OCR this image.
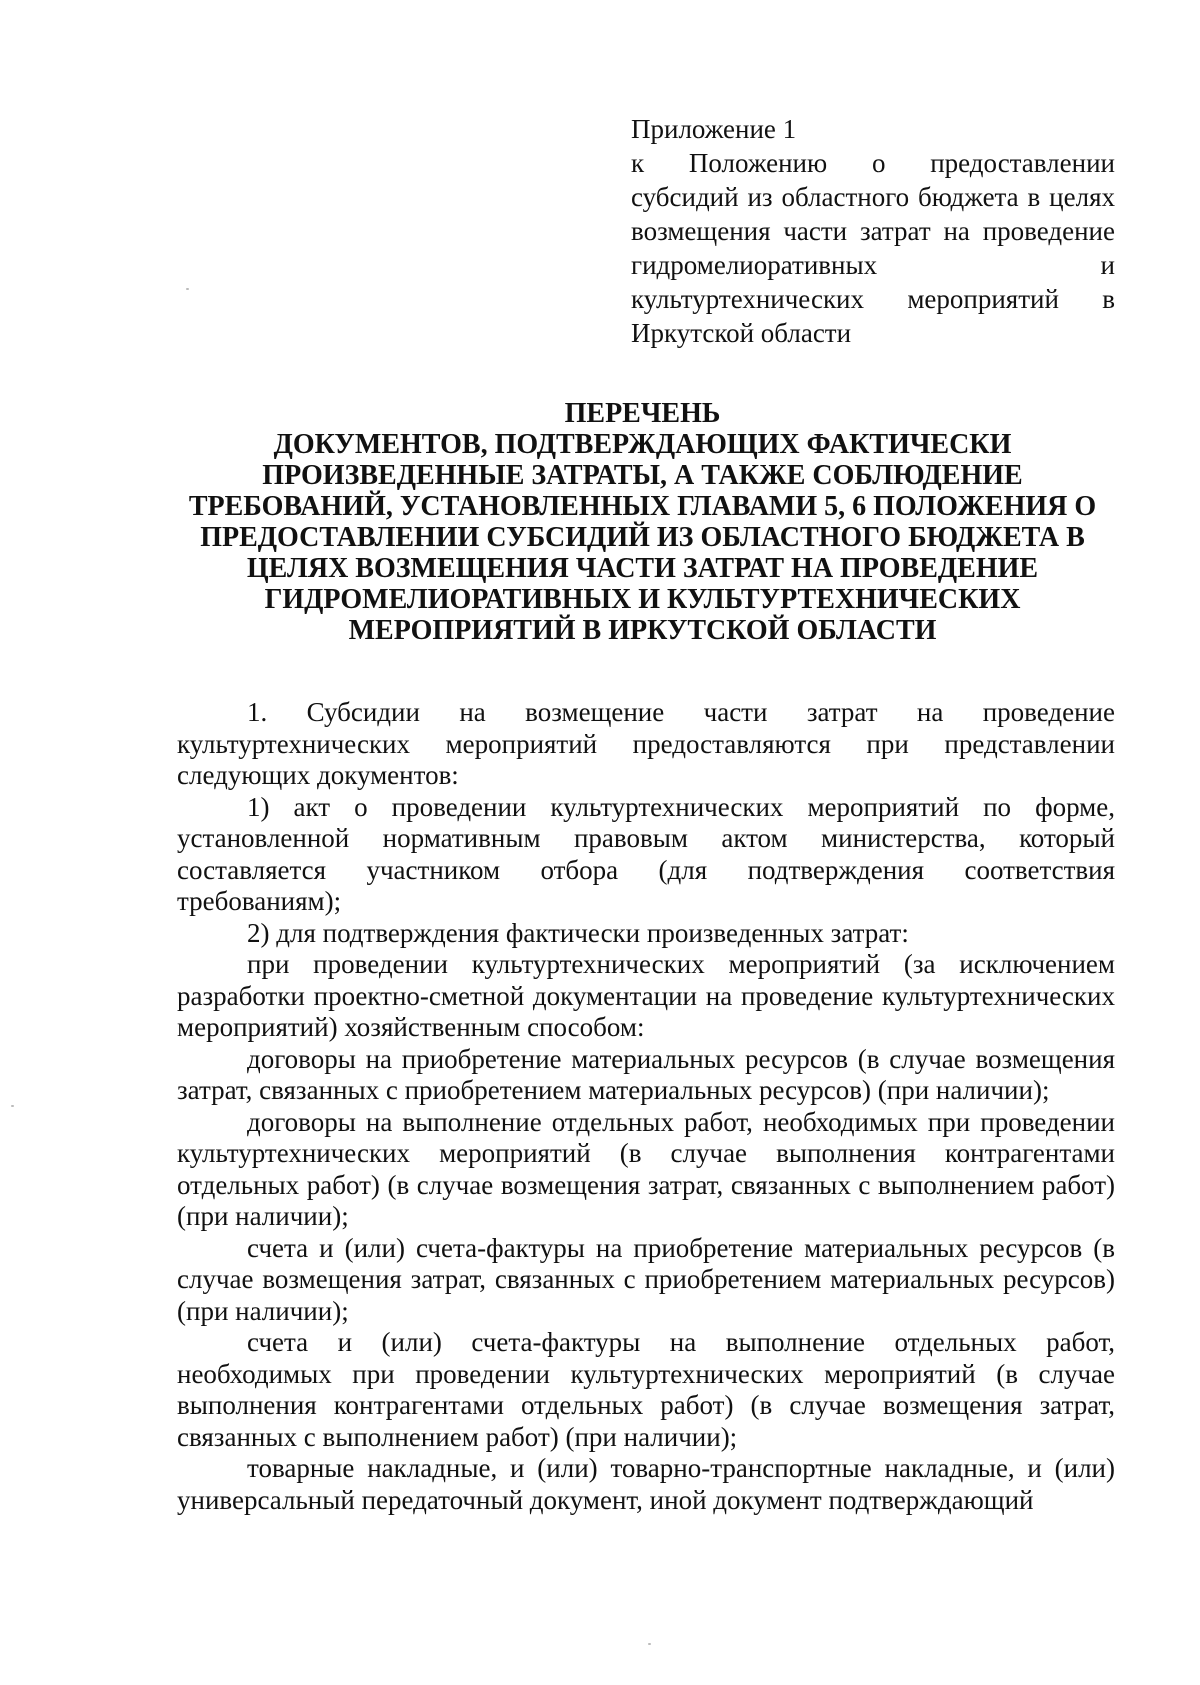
Приложение 1
к Положению о предоставлении субсидий из областного бюджета в целях возмещения части затрат на проведение гидромелиоративных и культуртехнических мероприятий в Иркутской области
ПЕРЕЧЕНЬ
ДОКУМЕНТОВ, ПОДТВЕРЖДАЮЩИХ ФАКТИЧЕСКИ
ПРОИЗВЕДЕННЫЕ ЗАТРАТЫ, А ТАКЖЕ СОБЛЮДЕНИЕ
ТРЕБОВАНИЙ, УСТАНОВЛЕННЫХ ГЛАВАМИ 5, 6 ПОЛОЖЕНИЯ О
ПРЕДОСТАВЛЕНИИ СУБСИДИЙ ИЗ ОБЛАСТНОГО БЮДЖЕТА В
ЦЕЛЯХ ВОЗМЕЩЕНИЯ ЧАСТИ ЗАТРАТ НА ПРОВЕДЕНИЕ
ГИДРОМЕЛИОРАТИВНЫХ И КУЛЬТУРТЕХНИЧЕСКИХ
МЕРОПРИЯТИЙ В ИРКУТСКОЙ ОБЛАСТИ

1. Субсидии на возмещение части затрат на проведение культуртехнических мероприятий предоставляются при представлении следующих документов:

1) акт о проведении культуртехнических мероприятий по форме, установленной нормативным правовым актом министерства, который составляется участником отбора (для подтверждения соответствия требованиям);

2) для подтверждения фактически произведенных затрат:

при проведении культуртехнических мероприятий (за исключением разработки проектно-сметной документации на проведение культуртехнических мероприятий) хозяйственным способом:

договоры на приобретение материальных ресурсов (в случае возмещения затрат, связанных с приобретением материальных ресурсов) (при наличии);

договоры на выполнение отдельных работ, необходимых при проведении культуртехнических мероприятий (в случае выполнения контрагентами отдельных работ) (в случае возмещения затрат, связанных с выполнением работ) (при наличии);

счета и (или) счета-фактуры на приобретение материальных ресурсов (в случае возмещения затрат, связанных с приобретением материальных ресурсов) (при наличии);

счета и (или) счета-фактуры на выполнение отдельных работ, необходимых при проведении культуртехнических мероприятий (в случае выполнения контрагентами отдельных работ) (в случае возмещения затрат, связанных с выполнением работ) (при наличии);

товарные накладные, и (или) товарно-транспортные накладные, и (или) универсальный передаточный документ, иной документ подтверждающий
